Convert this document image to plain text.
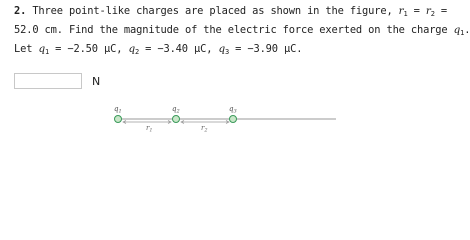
2. Three point-like charges are placed as shown in the figure, $r_1 = r_2$ =
52.0 cm. Find the magnitude of the electric force exerted on the charge $q_1$.
Let $q_1 = -2.50$ μC, $q_2 = -3.40$ μC, $q_3 = -3.90$ μC.
N
$r_1$	$r_2$
$q_1$	$q_2$	$q_3$
